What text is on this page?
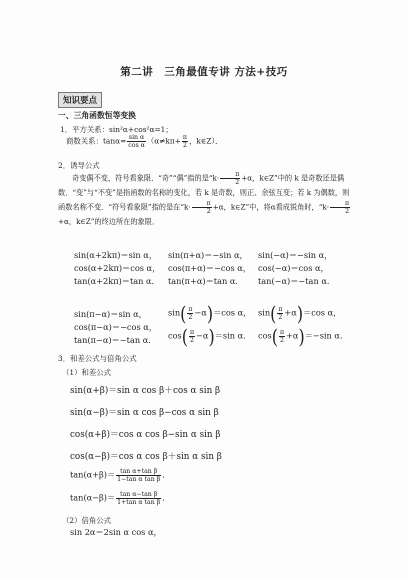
第二讲　三角最值专讲 方法+技巧
知识要点
一、三角函数恒等变换
1．平方关系：sin²α+cos²α=1；
商数关系：$\tan\alpha= \frac{\text{sin α}}{\text{cos α}} (\alpha\ne k\pi+ \frac{\pi}{2}$ ，k∈Z）．
2．诱导公式
奇变偶不变，符号看象限．“奇”“偶”指的是“$k\cdot \frac{\pi}{2} +\alpha$，k∈Z”中的 k 是奇数还是偶数．“变”与“不变”是指函数的名称的变化，若 k 是奇数，则正、余弦互变；若 k 为偶数，则函数名称不变．“符号看象限”指的是在“$k\cdot \frac{\pi}{2} +\alpha$，k∈Z”中，将α看成锐角时，“$k\cdot \frac{\pi}{2}$
+α，k∈Z”的终边所在的象限．
sin(α+2kπ)＝sin α，
cos(α+2kπ)＝cos α，
tan(α+2kπ)＝tan α．
sin(π+α)＝−sin α，
cos(π+α)＝−cos α，
tan(π+α)＝tan α．
sin(−α)＝−sin α，
cos(−α)＝cos α，
tan(−α)＝−tan α．
sin(π−α)＝sin α，
cos(π−α)＝−cos α，
tan(π−α)＝−tan α．
$\sin( \frac{\pi}{2} -\alpha)=\cos$ α，
$\cos( \frac{\pi}{2} -\alpha)=\sin$ α．
$\sin( \frac{\pi}{2} +\alpha)=\cos$ α，
$\cos( \frac{\pi}{2} +\alpha)=-\sin$ α．
3．和差公式与倍角公式
（1）和差公式
sin(α+β)＝sin α cos β＋cos α sin β
sin(α−β)＝sin α cos β−cos α sin β
cos(α+β)＝cos α cos β−sin α sin β
cos(α−β)＝cos α cos β＋sin α sin β
$\tan(\alpha+\beta)= \frac{\text{tan α+tan β}}{\text{1−tan α tan β}}$ ．
$\tan(\alpha-\beta)= \frac{\text{tan α−tan β}}{\text{1+tan α tan β}}$ ．
（2）倍角公式
sin 2α＝2sin α cos α，
